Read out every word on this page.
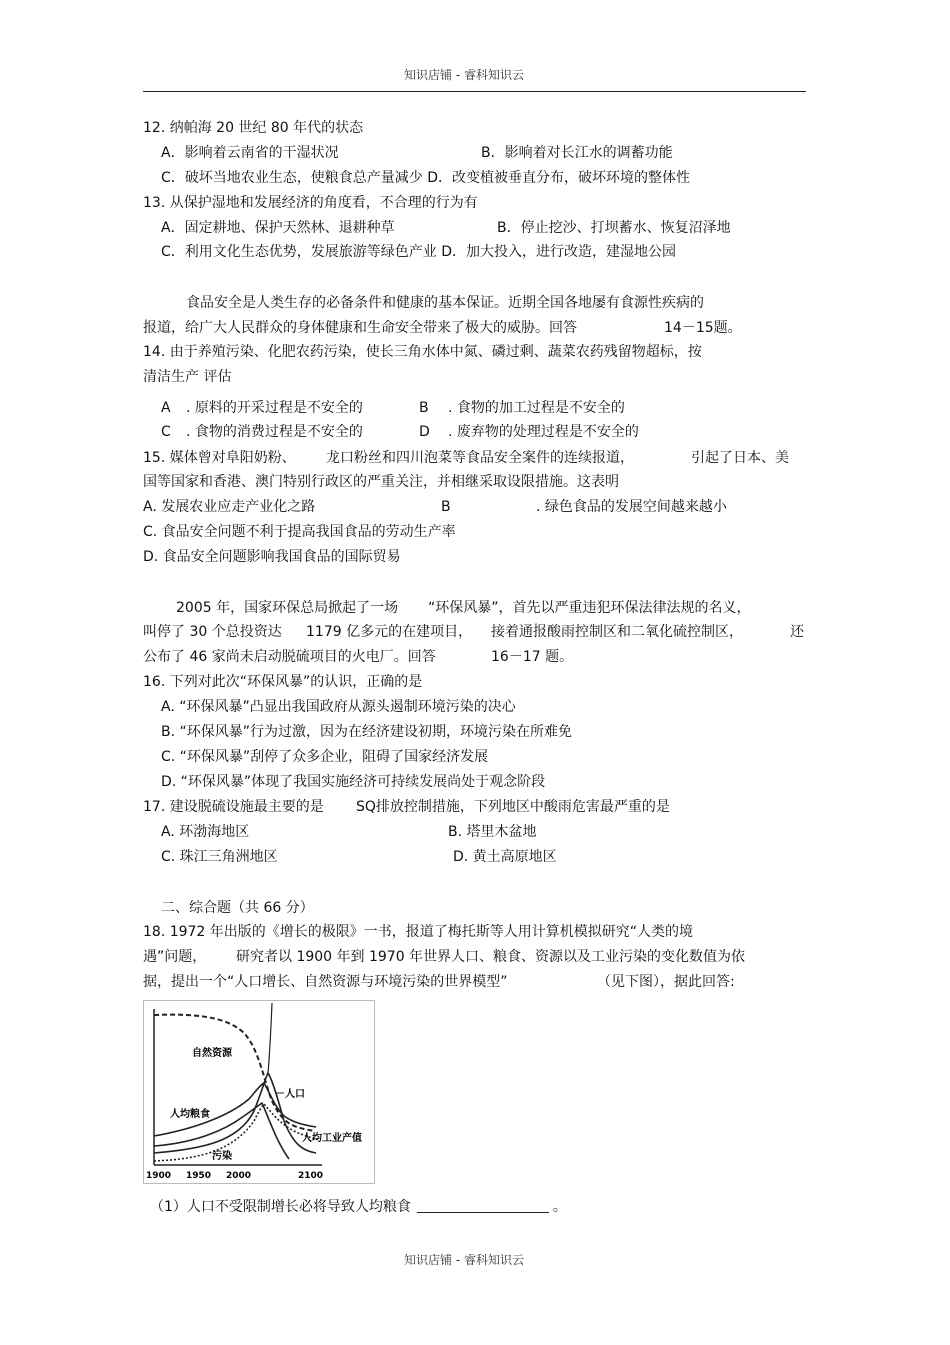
知识店铺 - 睿科知识云
12. 纳帕海 20 世纪 80 年代的状态
A．影响着云南省的干湿状况	B．影响着对长江水的调蓄功能
C．破坏当地农业生态，使粮食总产量减少 D．改变植被垂直分布，破坏环境的整体性
13. 从保护湿地和发展经济的角度看，不合理的行为有
A．固定耕地、保护天然林、退耕种草	B．停止挖沙、打坝蓄水、恢复沼泽地
C．利用文化生态优势，发展旅游等绿色产业 D．加大投入，进行改造，建湿地公园
食品安全是人类生存的必备条件和健康的基本保证。近期全国各地屡有食源性疾病的
报道，给广大人民群众的身体健康和生命安全带来了极大的威胁。回答	14－15题。
14. 由于养殖污染、化肥农药污染，使长三角水体中氮、磷过剩、蔬菜农药残留物超标，按
清洁生产 评估
A . 原料的开采过程是不安全的	B . 食物的加工过程是不安全的
C . 食物的消费过程是不安全的	D . 废弃物的处理过程是不安全的
15. 媒体曾对阜阳奶粉、 龙口粉丝和四川泡菜等食品安全案件的连续报道，	引起了日本、美
国等国家和香港、澳门特别行政区的严重关注，并相继采取设限措施。这表明
A. 发展农业应走产业化之路	B	. 绿色食品的发展空间越来越小
C. 食品安全问题不利于提高我国食品的劳动生产率
D. 食品安全问题影响我国食品的国际贸易
2005 年，国家环保总局掀起了一场 “环保风暴”，首先以严重违犯环保法律法规的名义，
叫停了 30 个总投资达 1179 亿多元的在建项目， 接着通报酸雨控制区和二氧化硫控制区，	还
公布了 46 家尚未启动脱硫项目的火电厂。回答	16－17 题。
16. 下列对此次“环保风暴”的认识，正确的是
A. “环保风暴”凸显出我国政府从源头遏制环境污染的决心
B. “环保风暴”行为过激，因为在经济建设初期，环境污染在所难免
C. “环保风暴”刮停了众多企业，阻碍了国家经济发展
D. “环保风暴”体现了我国实施经济可持续发展尚处于观念阶段
17. 建设脱硫设施最主要的是 SQ排放控制措施，下列地区中酸雨危害最严重的是
A. 环渤海地区	B. 塔里木盆地
C. 珠江三角洲地区	D. 黄土高原地区
二、综合题（共 66 分）
18. 1972 年出版的《增长的极限》一书，报道了梅托斯等人用计算机模拟研究“人类的境
遇”问题， 研究者以 1900 年到 1970 年世界人口、粮食、资源以及工业污染的变化数值为依
据，提出一个“人口增长、自然资源与环境污染的世界模型”	（见下图），据此回答:
自然资源
人均粮食
人口
污染
人均工业产值
1900 1950 2000	2100
（1）人口不受限制增长必将导致人均粮食	。
知识店铺 - 睿科知识云
